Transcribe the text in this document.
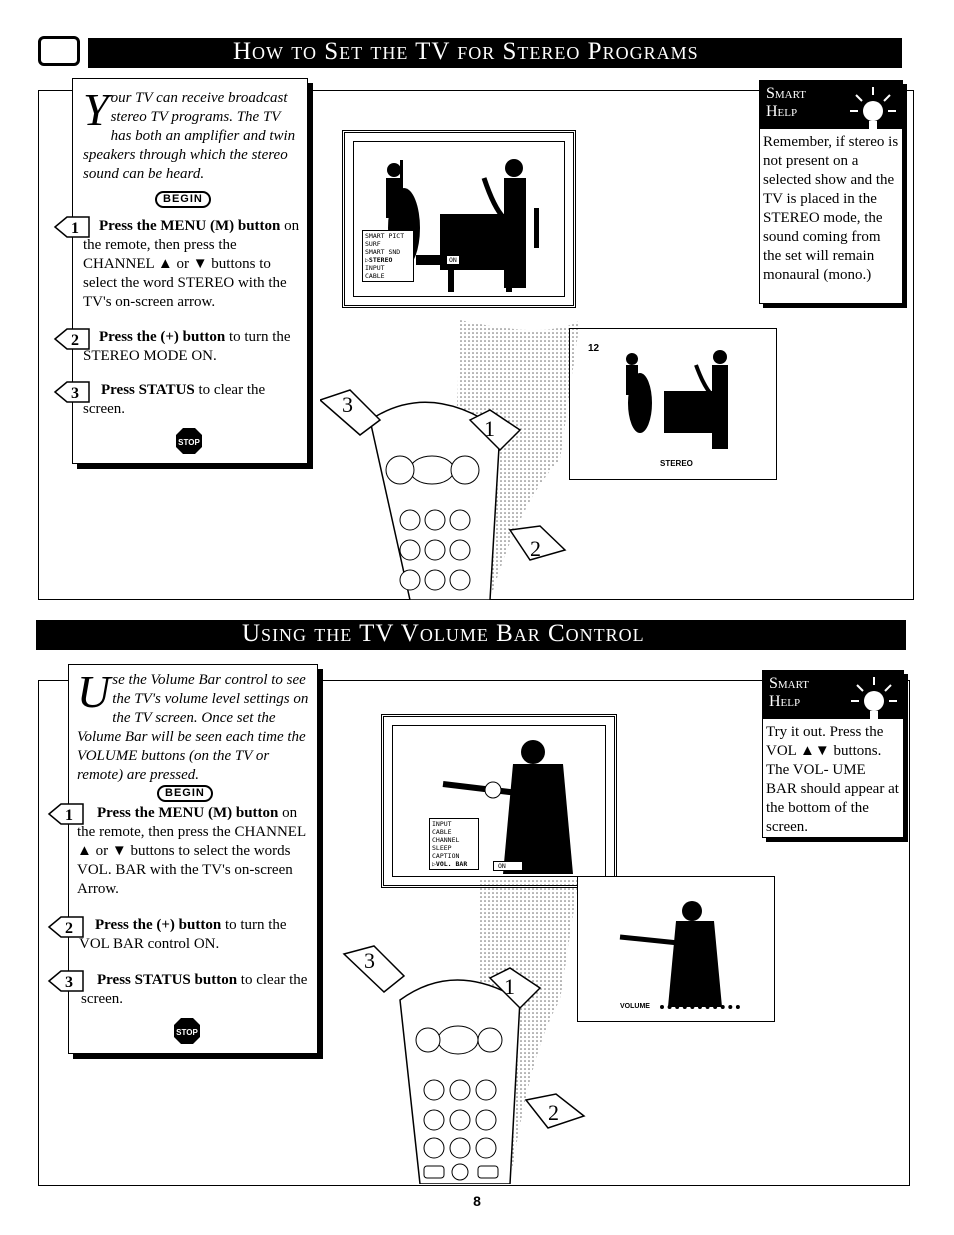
How to Set the TV for Stereo Programs
Y our TV can receive broadcast stereo TV programs. The TV has both an amplifier and twin speakers through which the stereo sound can be heard.
BEGIN
1	Press the MENU (M) button on the remote, then press the CHANNEL ▲ or ▼ buttons to select the word STEREO with the TV's on-screen arrow.
2	Press the (+) button to turn the STEREO MODE ON.
3	Press STATUS to clear the screen.
STOP
SMART PICT
SURF
SMART SND
▷STEREO
INPUT
CABLE
ON
Smart
Help
Remember, if stereo is not present on a selected show and the TV is placed in the STEREO mode, the sound coming from the set will remain monaural (mono.)
12
STEREO
3
1
2
Using the TV Volume Bar Control
U se the Volume Bar control to see the TV's volume level settings on the TV screen. Once set the Volume Bar will be seen each time the VOLUME buttons (on the TV or remote) are pressed.
BEGIN
1	Press the MENU (M) button on the remote, then press the CHANNEL ▲ or ▼ buttons to select the words VOL. BAR with the TV's on-screen Arrow.
2	Press the (+) button to turn the VOL BAR control ON.
3	Press STATUS button to clear the screen.
STOP
INPUT
CABLE
CHANNEL
SLEEP
CAPTION
▷VOL. BAR	ON
Smart
Help
Try it out. Press the VOL ▲▼ buttons. The VOL- UME BAR should appear at the bottom of the screen.
VOLUME
3
1
2
8
